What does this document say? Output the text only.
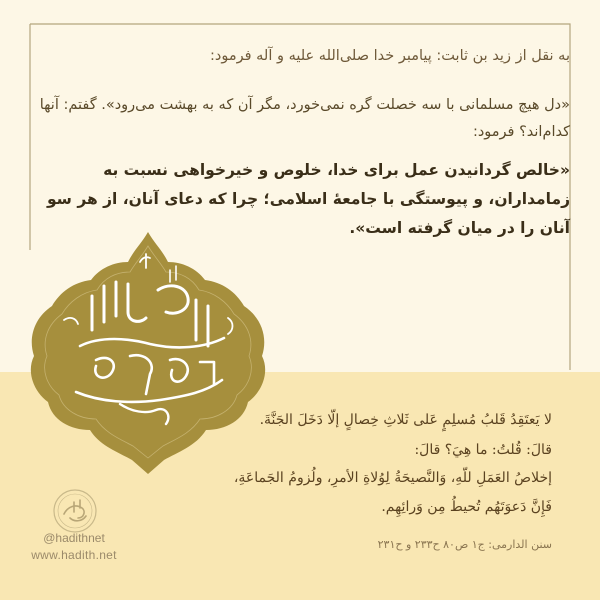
به نقل از زید بن ثابت: پیامبر خدا صلی‌الله علیه و آله فرمود:
«دل هیچ مسلمانی با سه خصلت گره نمی‌خورد، مگر آن که به بهشت می‌رود». گفتم: آنها کدام‌اند؟ فرمود:
«خالص گردانیدن عمل برای خدا، خلوص و خیرخواهی نسبت به زمامداران، و پیوستگی با جامعهٔ اسلامی؛ چرا که دعای آنان، از هر سو آنان را در میان گرفته است».
لا يَعتَقِدُ قَلبُ مُسلِمٍ عَلى ثَلاثِ خِصالٍ إلّا دَخَلَ الجَنَّةَ.
قالَ: قُلتُ: ما هِيَ؟ قالَ:
إخلاصُ العَمَلِ للّهِ، وَالنَّصيحَةُ لِوُلاةِ الأمرِ، ولُزومُ الجَماعَةِ،
فَإِنَّ دَعوَتَهُم تُحيطُ مِن وَرائِهِم.
سنن الدارمی: ج۱ ص۸۰ ح۲۳۳ و ح۲۳۱
@hadithnet
www.hadith.net
